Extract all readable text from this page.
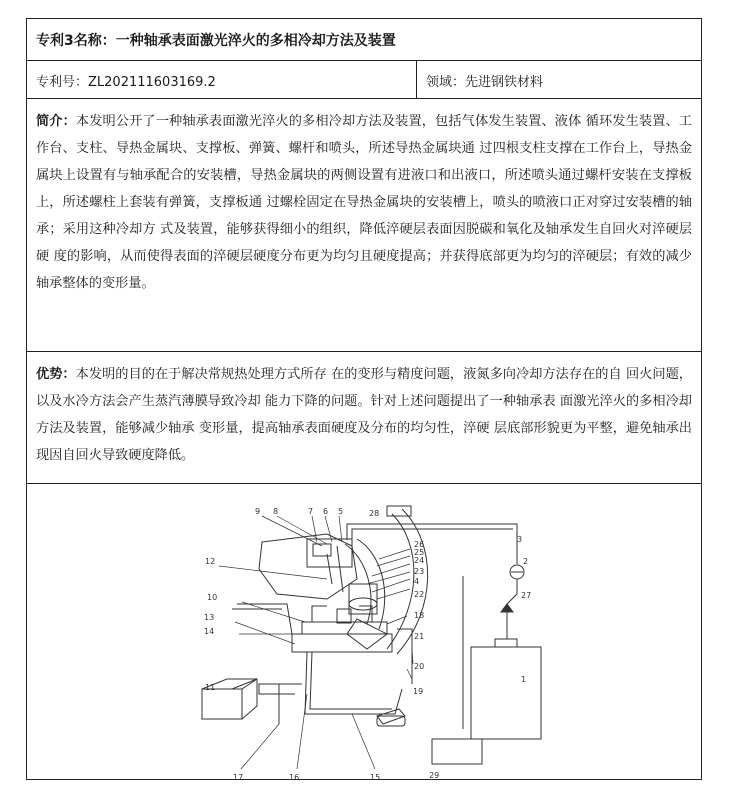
专利3名称：一种轴承表面激光淬火的多相冷却方法及装置
专利号：ZL202111603169.2	领域：先进钢铁材料
简介：本发明公开了一种轴承表面激光淬火的多相冷却方法及装置，包括气体发生装置、液体 循环发生装置、工作台、支柱、导热金属块、支撑板、弹簧、螺杆和喷头，所述导热金属块通 过四根支柱支撑在工作台上，导热金属块上设置有与轴承配合的安装槽，导热金属块的两侧设置有进液口和出液口，所述喷头通过螺杆安装在支撑板上，所述螺柱上套装有弹簧，支撑板通 过螺栓固定在导热金属块的安装槽上，喷头的喷液口正对穿过安装槽的轴承；采用这种冷却方 式及装置，能够获得细小的组织，降低淬硬层表面因脱碳和氧化及轴承发生自回火对淬硬层硬 度的影响，从而使得表面的淬硬层硬度分布更为均匀且硬度提高；并获得底部更为均匀的淬硬层；有效的减少轴承整体的变形量。
优势：本发明的目的在于解决常规热处理方式所存 在的变形与精度问题，液氮多向冷却方法存在的自 回火问题，以及水冷方法会产生蒸汽薄膜导致冷却 能力下降的问题。针对上述问题提出了一种轴承表 面激光淬火的多相冷却方法及装置，能够减少轴承 变形量，提高轴承表面硬度及分布的均匀性，淬硬 层底部形貌更为平整，避免轴承出现因自回火导致硬度降低。
9 8	7 6 5	28
3
2
27
1
12
10
13
14
11
26
25
24
23
4
22
18
21
20
19
17	16	15	29
